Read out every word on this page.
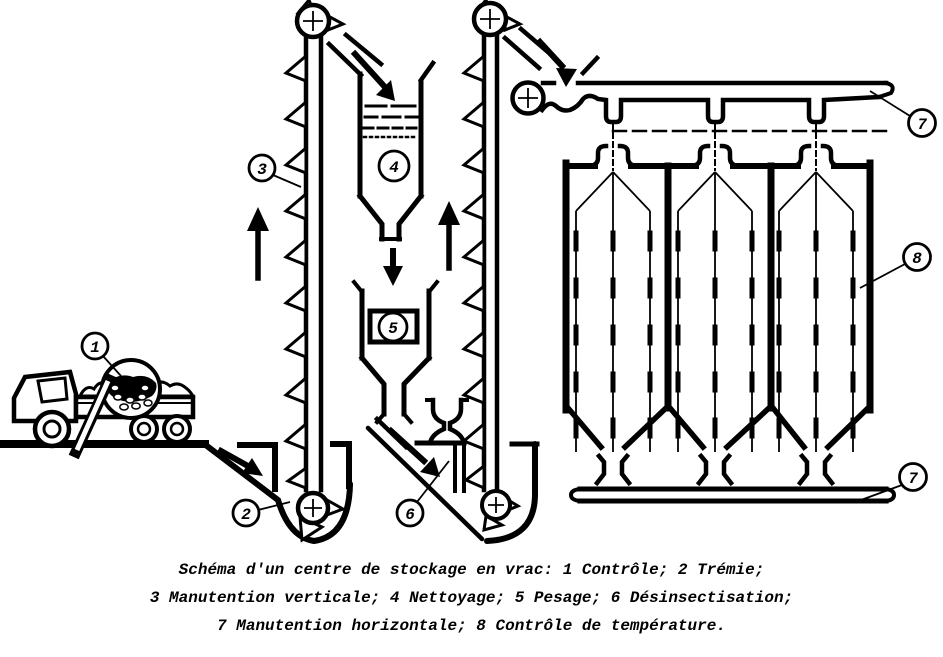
1
2
3	4
5
6
7
8
7
Schéma d'un centre de stockage en vrac: 1 Contrôle; 2 Trémie;
3 Manutention verticale; 4 Nettoyage; 5 Pesage; 6 Désinsectisation;
7 Manutention horizontale; 8 Contrôle de température.
